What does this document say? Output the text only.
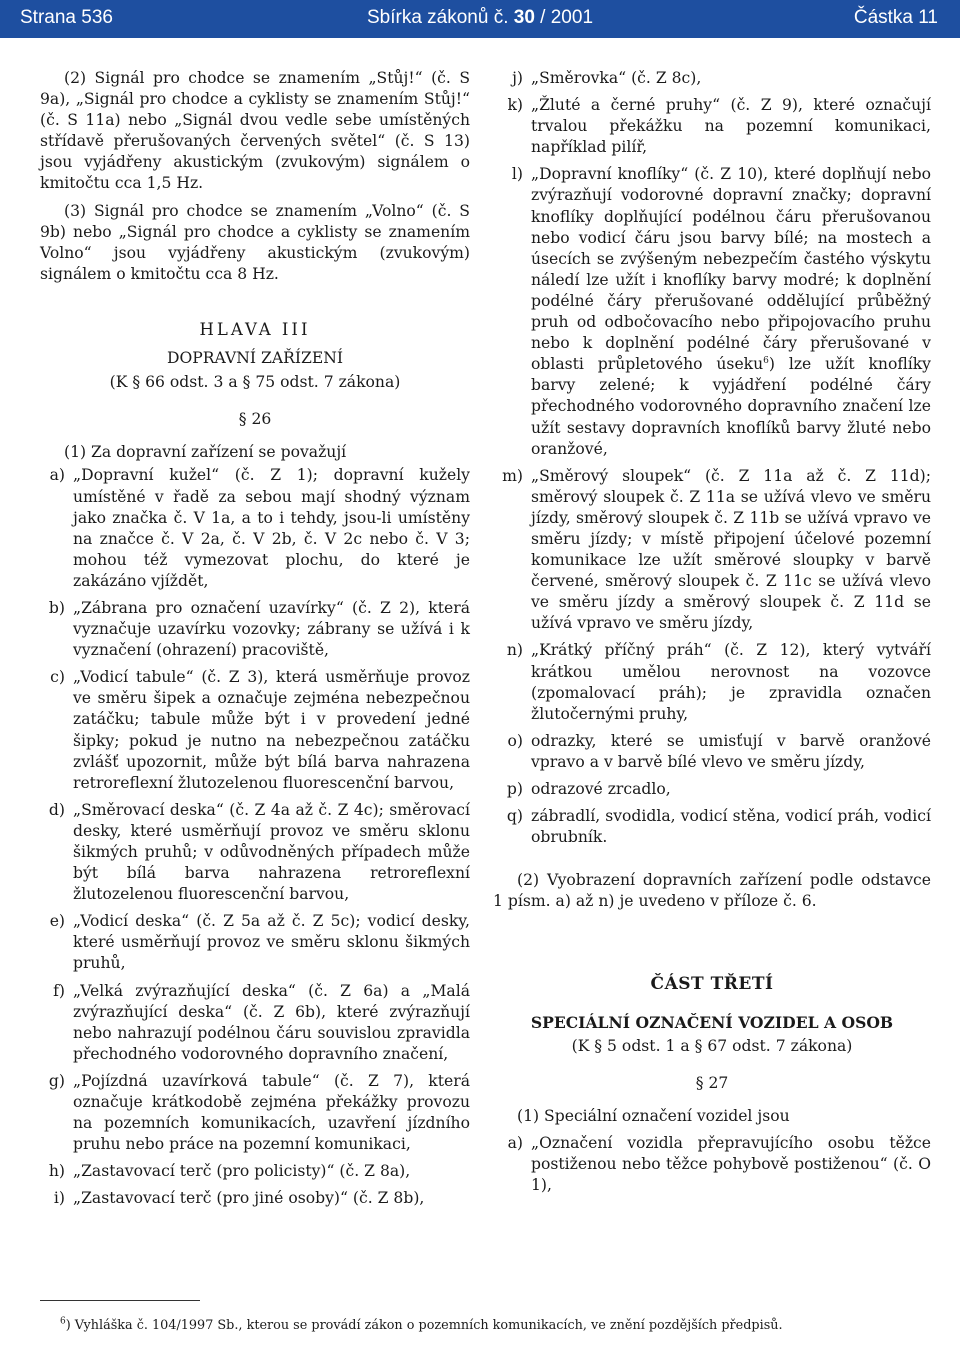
Strana 536	Sbírka zákonů č. 30 / 2001	Částka 11

(2) Signál pro chodce se znamením „Stůj!“ (č. S 9a), „Signál pro chodce a cyklisty se znamením Stůj!“ (č. S 11a) nebo „Signál dvou vedle sebe umístěných střídavě přerušovaných červených světel“ (č. S 13) jsou vyjádřeny akustickým (zvukovým) signálem o kmitočtu cca 1,5 Hz.

(3) Signál pro chodce se znamením „Volno“ (č. S 9b) nebo „Signál pro chodce a cyklisty se znamením Volno“ jsou vyjádřeny akustickým (zvukovým) signálem o kmitočtu cca 8 Hz.

HLAVA III

DOPRAVNÍ ZAŘÍZENÍ

(K § 66 odst. 3 a § 75 odst. 7 zákona)

§ 26

(1) Za dopravní zařízení se považují

a) „Dopravní kužel“ (č. Z 1); dopravní kužely umístěné v řadě za sebou mají shodný význam jako značka č. V 1a, a to i tehdy, jsou-li umístěny na značce č. V 2a, č. V 2b, č. V 2c nebo č. V 3; mohou též vymezovat plochu, do které je zakázáno vjíždět,
b) „Zábrana pro označení uzavírky“ (č. Z 2), která vyznačuje uzavírku vozovky; zábrany se užívá i k vyznačení (ohrazení) pracoviště,
c) „Vodicí tabule“ (č. Z 3), která usměrňuje provoz ve směru šipek a označuje zejména nebezpečnou zatáčku; tabule může být i v provedení jedné šipky; pokud je nutno na nebezpečnou zatáčku zvlášť upozornit, může být bílá barva nahrazena retroreflexní žlutozelenou fluorescenční barvou,
d) „Směrovací deska“ (č. Z 4a až č. Z 4c); směrovací desky, které usměrňují provoz ve směru sklonu šikmých pruhů; v odůvodněných případech může být bílá barva nahrazena retroreflexní žlutozelenou fluorescenční barvou,
e) „Vodicí deska“ (č. Z 5a až č. Z 5c); vodicí desky, které usměrňují provoz ve směru sklonu šikmých pruhů,
f) „Velká zvýrazňující deska“ (č. Z 6a) a „Malá zvýrazňující deska“ (č. Z 6b), které zvýrazňují nebo nahrazují podélnou čáru souvislou zpravidla přechodného vodorovného dopravního značení,
g) „Pojízdná uzavírková tabule“ (č. Z 7), která označuje krátkodobě zejména překážky provozu na pozemních komunikacích, uzavření jízdního pruhu nebo práce na pozemní komunikaci,
h) „Zastavovací terč (pro policisty)“ (č. Z 8a),
i) „Zastavovací terč (pro jiné osoby)“ (č. Z 8b),
j) „Směrovka“ (č. Z 8c),
k) „Žluté a černé pruhy“ (č. Z 9), které označují trvalou překážku na pozemní komunikaci, například pilíř,
l) „Dopravní knoflíky“ (č. Z 10), které doplňují nebo zvýrazňují vodorovné dopravní značky; dopravní knoflíky doplňující podélnou čáru přerušovanou nebo vodicí čáru jsou barvy bílé; na mostech a úsecích se zvýšeným nebezpečím častého výskytu náledí lze užít i knoflíky barvy modré; k doplnění podélné čáry přerušované oddělující průběžný pruh od odbočovacího nebo připojovacího pruhu nebo k doplnění podélné čáry přerušované v oblasti průpletového úseku$^6$) lze užít knoflíky barvy zelené; k vyjádření podélné čáry přechodného vodorovného dopravního značení lze užít sestavy dopravních knoflíků barvy žluté nebo oranžové,
m) „Směrový sloupek“ (č. Z 11a až č. Z 11d); směrový sloupek č. Z 11a se užívá vlevo ve směru jízdy, směrový sloupek č. Z 11b se užívá vpravo ve směru jízdy; v místě připojení účelové pozemní komunikace lze užít směrové sloupky v barvě červené, směrový sloupek č. Z 11c se užívá vlevo ve směru jízdy a směrový sloupek č. Z 11d se užívá vpravo ve směru jízdy,
n) „Krátký příčný práh“ (č. Z 12), který vytváří krátkou umělou nerovnost na vozovce (zpomalovací práh); je zpravidla označen žlutočernými pruhy,
o) odrazky, které se umisťují v barvě oranžové vpravo a v barvě bílé vlevo ve směru jízdy,
p) odrazové zrcadlo,
q) zábradlí, svodidla, vodicí stěna, vodicí práh, vodicí obrubník.

(2) Vyobrazení dopravních zařízení podle odstavce 1 písm. a) až n) je uvedeno v příloze č. 6.

ČÁST TŘETÍ

SPECIÁLNÍ OZNAČENÍ VOZIDEL A OSOB

(K § 5 odst. 1 a § 67 odst. 7 zákona)

§ 27

(1) Speciální označení vozidel jsou

a) „Označení vozidla přepravujícího osobu těžce postiženou nebo těžce pohybově postiženou“ (č. O 1),
$^6$) Vyhláška č. 104/1997 Sb., kterou se provádí zákon o pozemních komunikacích, ve znění pozdějších předpisů.
